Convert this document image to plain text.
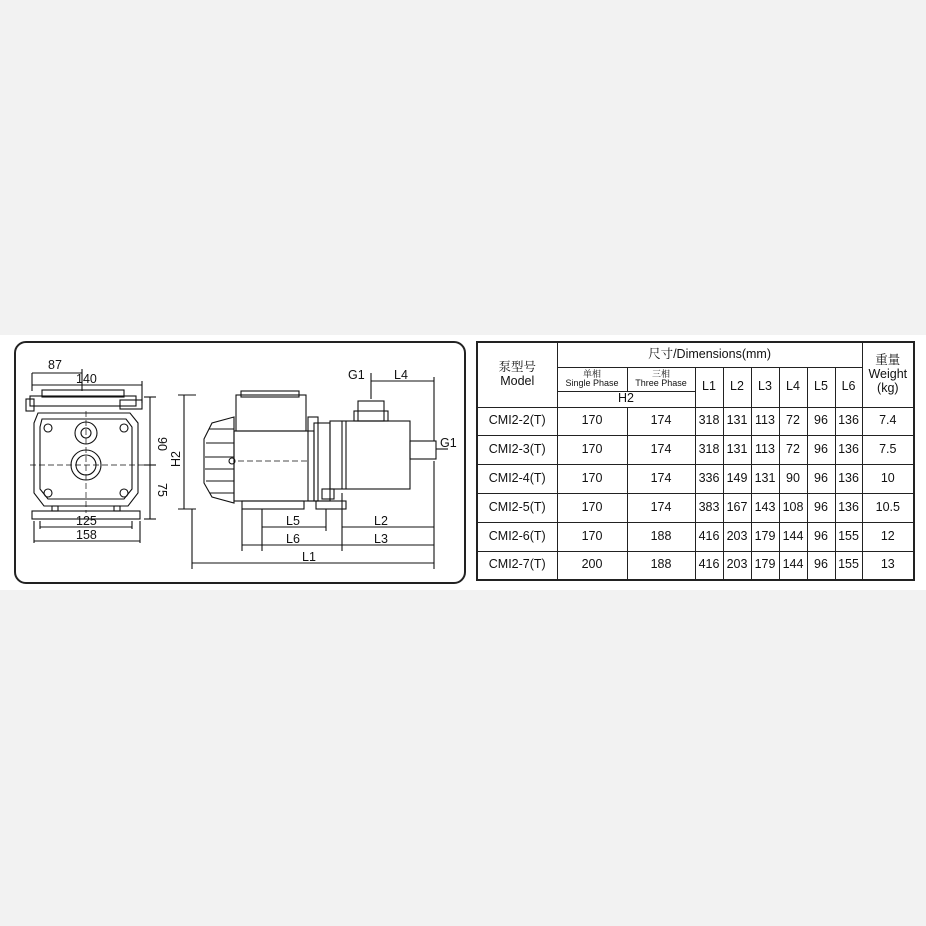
87
140
90
75
125
158
H2
G1 L4
G1
L5	L2
L6	L3
L1
泵型号
Model	尺寸/Dimensions(mm)								重量
Weight
(kg)

	单相
Single Phase	三相
Three Phase	L1	L2	L3	L4	L5	L6	
	H2								
CMI2-2(T)	170	174	318	131	113	72	96	136	7.4
CMI2-3(T)	170	174	318	131	113	72	96	136	7.5
CMI2-4(T)	170	174	336	149	131	90	96	136	10
CMI2-5(T)	170	174	383	167	143	108	96	136	10.5
CMI2-6(T)	170	188	416	203	179	144	96	155	12
CMI2-7(T)	200	188	416	203	179	144	96	155	13
